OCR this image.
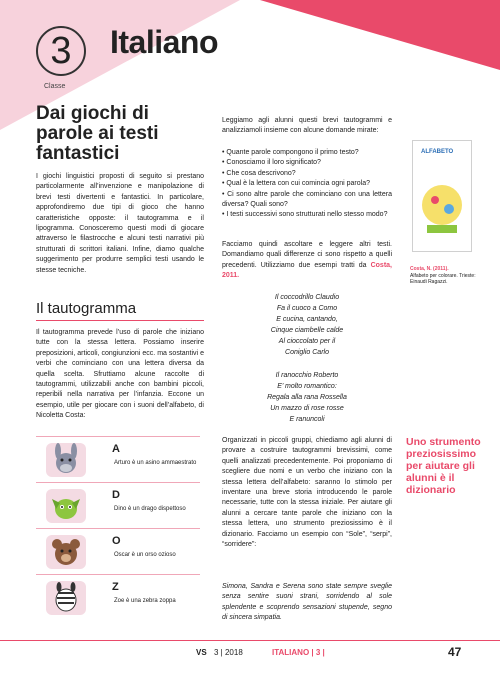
3
Classe
Italiano
Dai giochi di parole ai testi fantastici
I giochi linguistici proposti di seguito si prestano particolarmente all’invenzione e manipolazione di brevi testi divertenti e fantastici. In particolare, approfondiremo due tipi di gioco che hanno caratteristiche opposte: il tautogramma e il lipogramma. Conosceremo questi modi di giocare attraverso le filastrocche e alcuni testi narrativi più strutturati di scrittori italiani. Infine, diamo qualche suggerimento per produrre semplici testi usando le stesse tecniche.
Il tautogramma
Il tautogramma prevede l’uso di parole che iniziano tutte con la stessa lettera. Possiamo inserire preposizioni, articoli, congiunzioni ecc. ma sostantivi e verbi che cominciano con una lettera diversa da quella scelta. Sfruttiamo alcune raccolte di tautogrammi, utilizzabili anche con bambini piccoli, reperibili nella narrativa per l’infanzia. Eccone un esempio, utile per giocare con i suoni dell’alfabeto, di Nicoletta Costa:
A
Arturo è un asino ammaestrato
D
Dino è un drago dispettoso
O
Oscar è un orso ozioso
Z
Zoe è una zebra zoppa
Leggiamo agli alunni questi brevi tautogrammi e analizziamoli insieme con alcune domande mirate:
• Quante parole compongono il primo testo?
• Conosciamo il loro significato?
• Che cosa descrivono?
• Qual è la lettera con cui comincia ogni parola?
• Ci sono altre parole che cominciano con una lettera diversa? Quali sono?
• I testi successivi sono strutturati nello stesso modo?
Facciamo quindi ascoltare e leggere altri testi. Domandiamo quali differenze ci sono rispetto a quelli precedenti. Utilizziamo due esempi tratti da Costa, 2011.
Il coccodrillo Claudio
Fa il cuoco a Como
E cucina, cantando,
Cinque ciambelle calde
Al cioccolato per il
Coniglio Carlo
Il ranocchio Roberto
E’ molto romantico:
Regala alla rana Rossella
Un mazzo di rose rosse
E ranuncoli
Organizzati in piccoli gruppi, chiediamo agli alunni di provare a costruire tautogrammi brevissimi, come quelli analizzati precedentemente. Poi proponiamo di scegliere due nomi e un verbo che iniziano con la stessa lettera dell’alfabeto: saranno lo stimolo per inventare una breve storia introducendo le parole necessarie, tutte con la stessa iniziale. Per aiutare gli alunni a cercare tante parole che iniziano con la stessa lettera, uno strumento preziosissimo è il dizionario. Facciamo un esempio con “Sole”, “serpi”, “sorridere”:
Simona, Sandra e Serena sono state sempre sveglie senza sentire suoni strani, sorridendo al sole splendente e scoprendo sensazioni stupende, segno di sincera simpatia.
ALFABETO
Costa, N. (2011).
Alfabeto per colorare. Trieste: Einaudi Ragazzi.
Uno strumento preziosissimo per aiutare gli alunni è il dizionario
VS 3 | 2018	ITALIANO | 3 |	47
